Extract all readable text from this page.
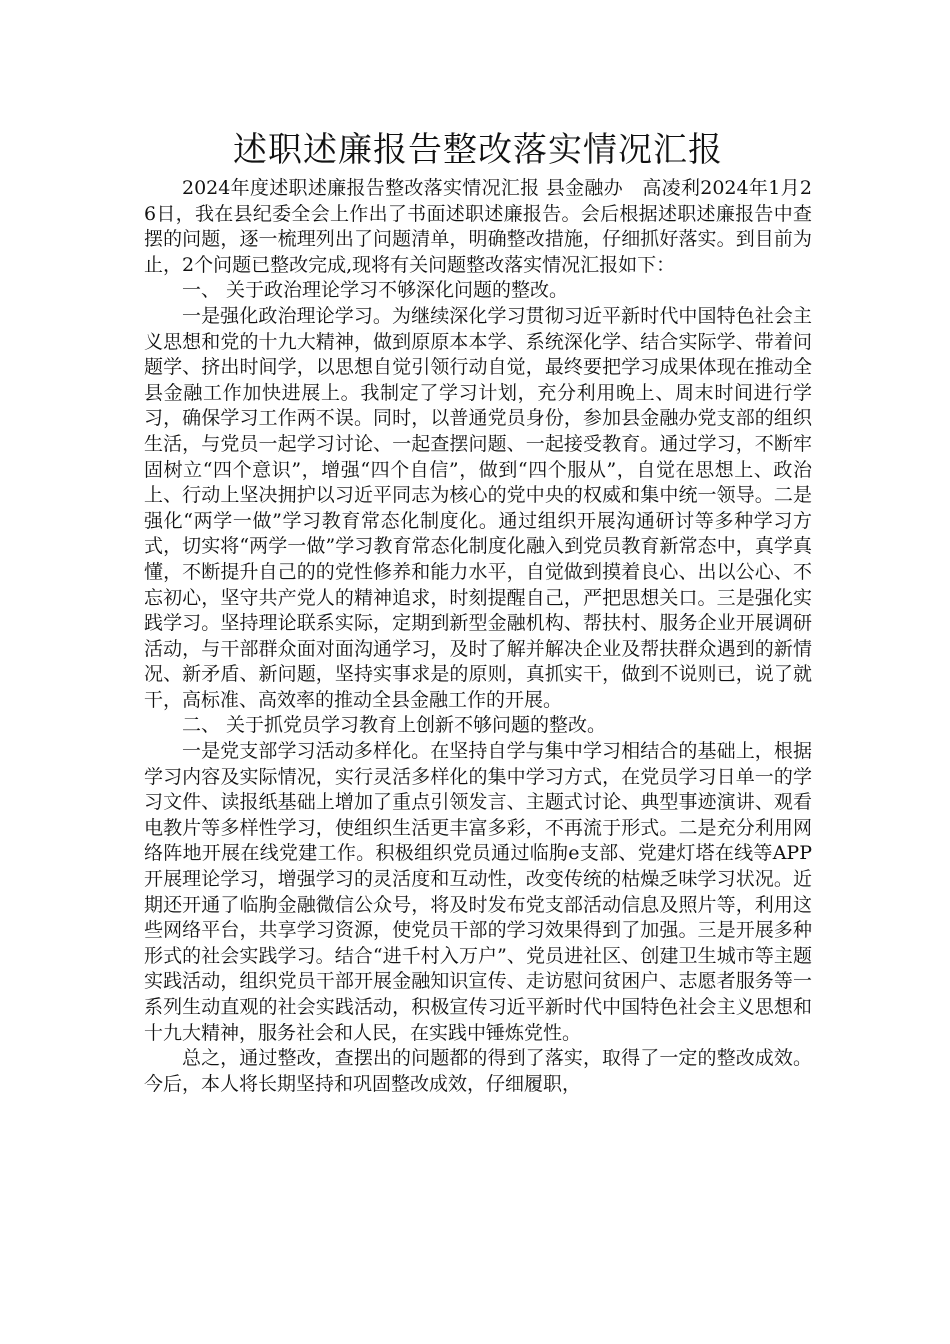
述职述廉报告整改落实情况汇报

2024年度述职述廉报告整改落实情况汇报 县金融办　高凌利2024年1月26日，我在县纪委全会上作出了书面述职述廉报告。会后根据述职述廉报告中查摆的问题，逐一梳理列出了问题清单，明确整改措施，仔细抓好落实。到目前为止，2个问题已整改完成,现将有关问题整改落实情况汇报如下：

一、 关于政治理论学习不够深化问题的整改。

一是强化政治理论学习。为继续深化学习贯彻习近平新时代中国特色社会主义思想和党的十九大精神，做到原原本本学、系统深化学、结合实际学、带着问题学、挤出时间学，以思想自觉引领行动自觉，最终要把学习成果体现在推动全县金融工作加快进展上。我制定了学习计划，充分利用晚上、周末时间进行学习，确保学习工作两不误。同时，以普通党员身份，参加县金融办党支部的组织生活，与党员一起学习讨论、一起查摆问题、一起接受教育。通过学习，不断牢固树立“四个意识”，增强“四个自信”，做到“四个服从”，自觉在思想上、政治上、行动上坚决拥护以习近平同志为核心的党中央的权威和集中统一领导。二是强化“两学一做”学习教育常态化制度化。通过组织开展沟通研讨等多种学习方式，切实将“两学一做”学习教育常态化制度化融入到党员教育新常态中，真学真懂，不断提升自己的的党性修养和能力水平，自觉做到摸着良心、出以公心、不忘初心，坚守共产党人的精神追求，时刻提醒自己，严把思想关口。三是强化实践学习。坚持理论联系实际，定期到新型金融机构、帮扶村、服务企业开展调研活动，与干部群众面对面沟通学习，及时了解并解决企业及帮扶群众遇到的新情况、新矛盾、新问题，坚持实事求是的原则，真抓实干，做到不说则已，说了就干，高标准、高效率的推动全县金融工作的开展。

二、 关于抓党员学习教育上创新不够问题的整改。

一是党支部学习活动多样化。在坚持自学与集中学习相结合的基础上，根据学习内容及实际情况，实行灵活多样化的集中学习方式，在党员学习日单一的学习文件、读报纸基础上增加了重点引领发言、主题式讨论、典型事迹演讲、观看电教片等多样性学习，使组织生活更丰富多彩，不再流于形式。二是充分利用网络阵地开展在线党建工作。积极组织党员通过临朐e支部、党建灯塔在线等APP开展理论学习，增强学习的灵活度和互动性，改变传统的枯燥乏味学习状况。近期还开通了临朐金融微信公众号，将及时发布党支部活动信息及照片等，利用这些网络平台，共享学习资源，使党员干部的学习效果得到了加强。三是开展多种形式的社会实践学习。结合“进千村入万户”、党员进社区、创建卫生城市等主题实践活动，组织党员干部开展金融知识宣传、走访慰问贫困户、志愿者服务等一系列生动直观的社会实践活动，积极宣传习近平新时代中国特色社会主义思想和十九大精神，服务社会和人民，在实践中锤炼党性。

总之，通过整改，查摆出的问题都的得到了落实，取得了一定的整改成效。今后，本人将长期坚持和巩固整改成效，仔细履职，
